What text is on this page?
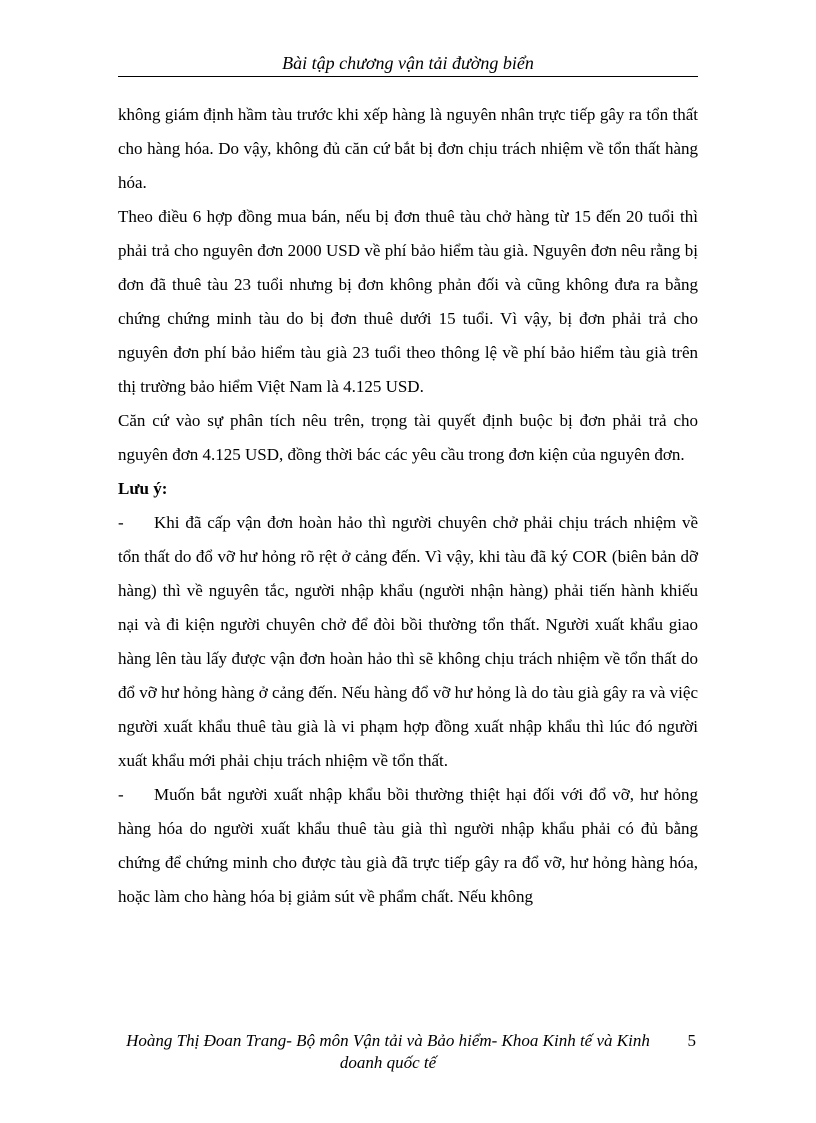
Bài tập chương vận tải đường biển

không giám định hầm tàu trước khi xếp hàng là nguyên nhân trực tiếp gây ra tổn thất cho hàng hóa. Do vậy, không đủ căn cứ bắt bị đơn chịu trách nhiệm về tổn thất hàng hóa.

Theo điều 6 hợp đồng mua bán, nếu bị đơn thuê tàu chở hàng từ 15 đến 20 tuổi thì phải trả cho nguyên đơn 2000 USD về phí bảo hiểm tàu già. Nguyên đơn nêu rằng bị đơn đã thuê tàu 23 tuổi nhưng bị đơn không phản đối và cũng không đưa ra bằng chứng chứng minh tàu do bị đơn thuê dưới 15 tuổi. Vì vậy, bị đơn phải trả cho nguyên đơn phí bảo hiểm tàu già 23 tuổi theo thông lệ về phí bảo hiểm tàu già trên thị trường bảo hiểm Việt Nam là 4.125 USD.

Căn cứ vào sự phân tích nêu trên, trọng tài quyết định buộc bị đơn phải trả cho nguyên đơn 4.125 USD, đồng thời bác các yêu cầu trong đơn kiện của nguyên đơn.

Lưu ý:

- Khi đã cấp vận đơn hoàn hảo thì người chuyên chở phải chịu trách nhiệm về tổn thất do đổ vỡ hư hỏng rõ rệt ở cảng đến. Vì vậy, khi tàu đã ký COR (biên bản dỡ hàng) thì về nguyên tắc, người nhập khẩu (người nhận hàng) phải tiến hành khiếu nại và đi kiện người chuyên chở để đòi bồi thường tổn thất. Người xuất khẩu giao hàng lên tàu lấy được vận đơn hoàn hảo thì sẽ không chịu trách nhiệm về tổn thất do đổ vỡ hư hỏng hàng ở cảng đến. Nếu hàng đổ vỡ hư hỏng là do tàu già gây ra và việc người xuất khẩu thuê tàu già là vi phạm hợp đồng xuất nhập khẩu thì lúc đó người xuất khẩu mới phải chịu trách nhiệm về tổn thất.

- Muốn bắt người xuất nhập khẩu bồi thường thiệt hại đối với đổ vỡ, hư hỏng hàng hóa do người xuất khẩu thuê tàu già thì người nhập khẩu phải có đủ bằng chứng để chứng minh cho được tàu già đã trực tiếp gây ra đổ vỡ, hư hỏng hàng hóa, hoặc làm cho hàng hóa bị giảm sút về phẩm chất. Nếu không

Hoàng Thị Đoan Trang- Bộ môn Vận tải và Bảo hiểm- Khoa Kinh tế và Kinh doanh quốc tế
5
